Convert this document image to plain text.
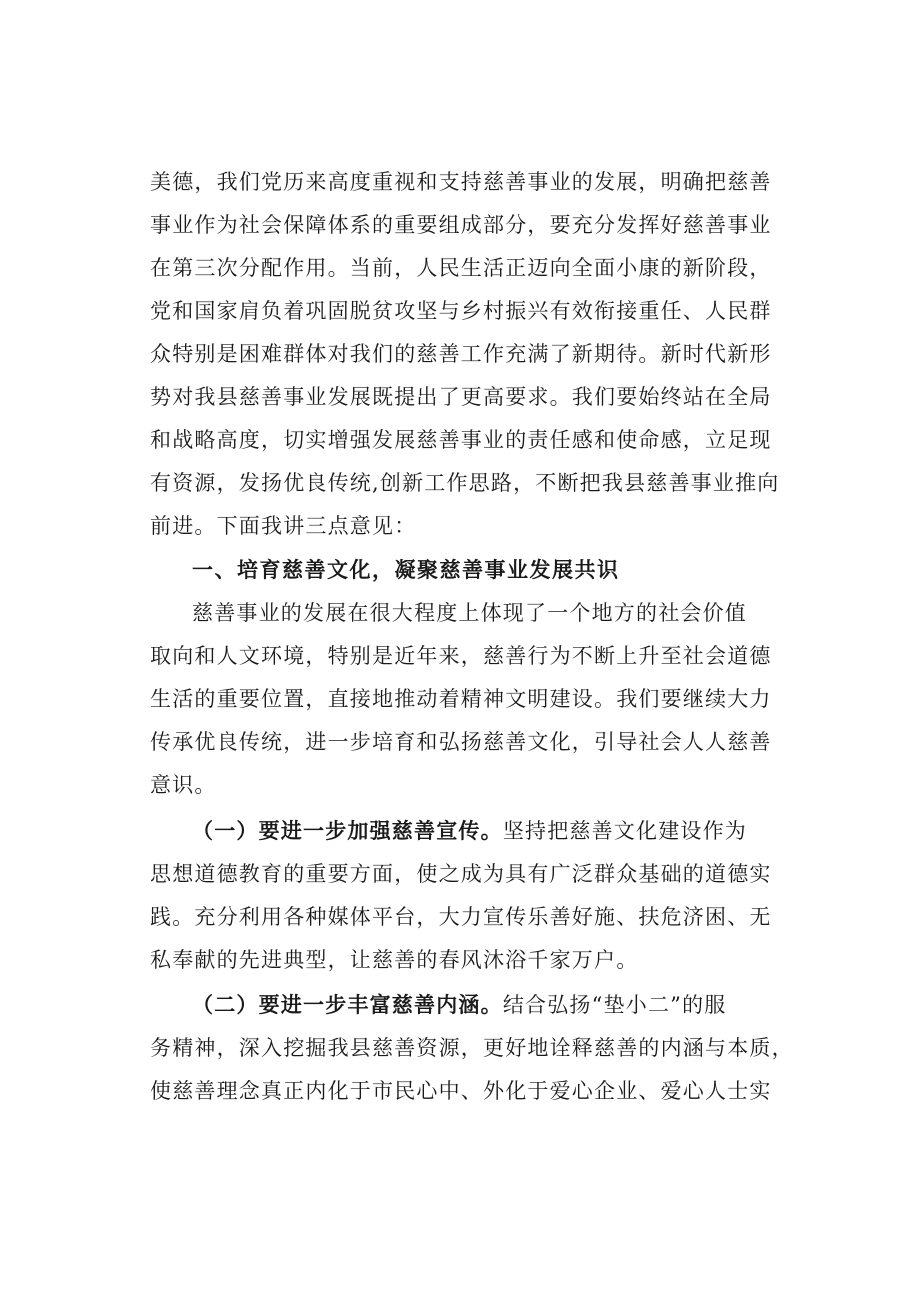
美德，我们党历来高度重视和支持慈善事业的发展，明确把慈善
事业作为社会保障体系的重要组成部分，要充分发挥好慈善事业
在第三次分配作用。当前，人民生活正迈向全面小康的新阶段，
党和国家肩负着巩固脱贫攻坚与乡村振兴有效衔接重任、人民群
众特别是困难群体对我们的慈善工作充满了新期待。新时代新形
势对我县慈善事业发展既提出了更高要求。我们要始终站在全局
和战略高度，切实增强发展慈善事业的责任感和使命感，立足现
有资源，发扬优良传统,创新工作思路，不断把我县慈善事业推向
前进。下面我讲三点意见：
一、培育慈善文化，凝聚慈善事业发展共识
慈善事业的发展在很大程度上体现了一个地方的社会价值
取向和人文环境，特别是近年来，慈善行为不断上升至社会道德
生活的重要位置，直接地推动着精神文明建设。我们要继续大力
传承优良传统，进一步培育和弘扬慈善文化，引导社会人人慈善
意识。
（一）要进一步加强慈善宣传。坚持把慈善文化建设作为
思想道德教育的重要方面，使之成为具有广泛群众基础的道德实
践。充分利用各种媒体平台，大力宣传乐善好施、扶危济困、无
私奉献的先进典型，让慈善的春风沐浴千家万户。
（二）要进一步丰富慈善内涵。结合弘扬“垫小二”的服
务精神，深入挖掘我县慈善资源，更好地诠释慈善的内涵与本质，
使慈善理念真正内化于市民心中、外化于爱心企业、爱心人士实
